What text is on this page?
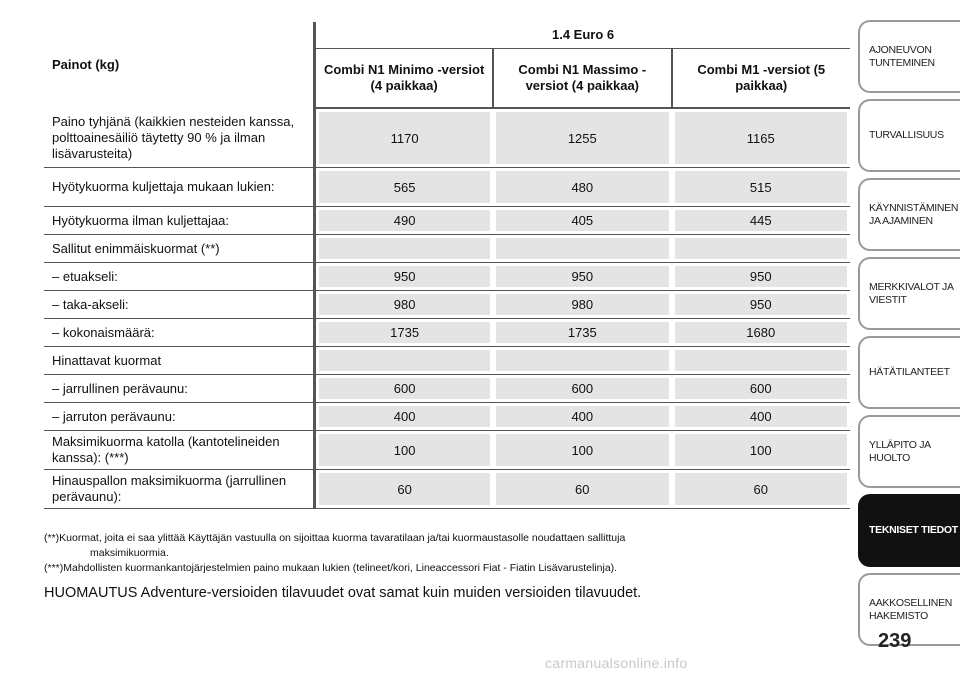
Painot (kg)	1.4 Euro 6		
	Combi N1 Minimo -versiot (4 paikkaa)	Combi N1 Massimo -versiot (4 paikkaa)	Combi M1 -versiot (5 paikkaa)
Paino tyhjänä (kaikkien nesteiden kanssa, polttoainesäiliö täytetty 90 % ja ilman lisävarusteita)	1170	1255	1165

Hyötykuorma kuljettaja mukaan lukien:	565	480	515

Hyötykuorma ilman kuljettajaa:	490	405	445

Sallitut enimmäiskuormat (**)	

– etuakseli:	950	950	950

– taka-akseli:	980	980	950

– kokonaismäärä:	1735	1735	1680

Hinattavat kuormat	

– jarrullinen perävaunu:	600	600	600

– jarruton perävaunu:	400	400	400

Maksimikuorma katolla (kantotelineiden kanssa): (***)	100	100	100

Hinauspallon maksimikuorma (jarrullinen perävaunu):	60	60	60
(**)Kuormat, joita ei saa ylittää Käyttäjän vastuulla on sijoittaa kuorma tavaratilaan ja/tai kuormaustasolle noudattaen sallittuja
maksimikuormia.
(***)Mahdollisten kuormankantojärjestelmien paino mukaan lukien (telineet/kori, Lineaccessori Fiat - Fiatin Lisävarustelinja).
HUOMAUTUS Adventure-versioiden tilavuudet ovat samat kuin muiden versioiden tilavuudet.
AJONEUVON
TUNTEMINEN
TURVALLISUUS
KÄYNNISTÄMINEN
JA AJAMINEN
MERKKIVALOT JA
VIESTIT
HÄTÄTILANTEET
YLLÄPITO JA HUOLTO
TEKNISET TIEDOT
AAKKOSELLINEN
HAKEMISTO
239
carmanualsonline.info
